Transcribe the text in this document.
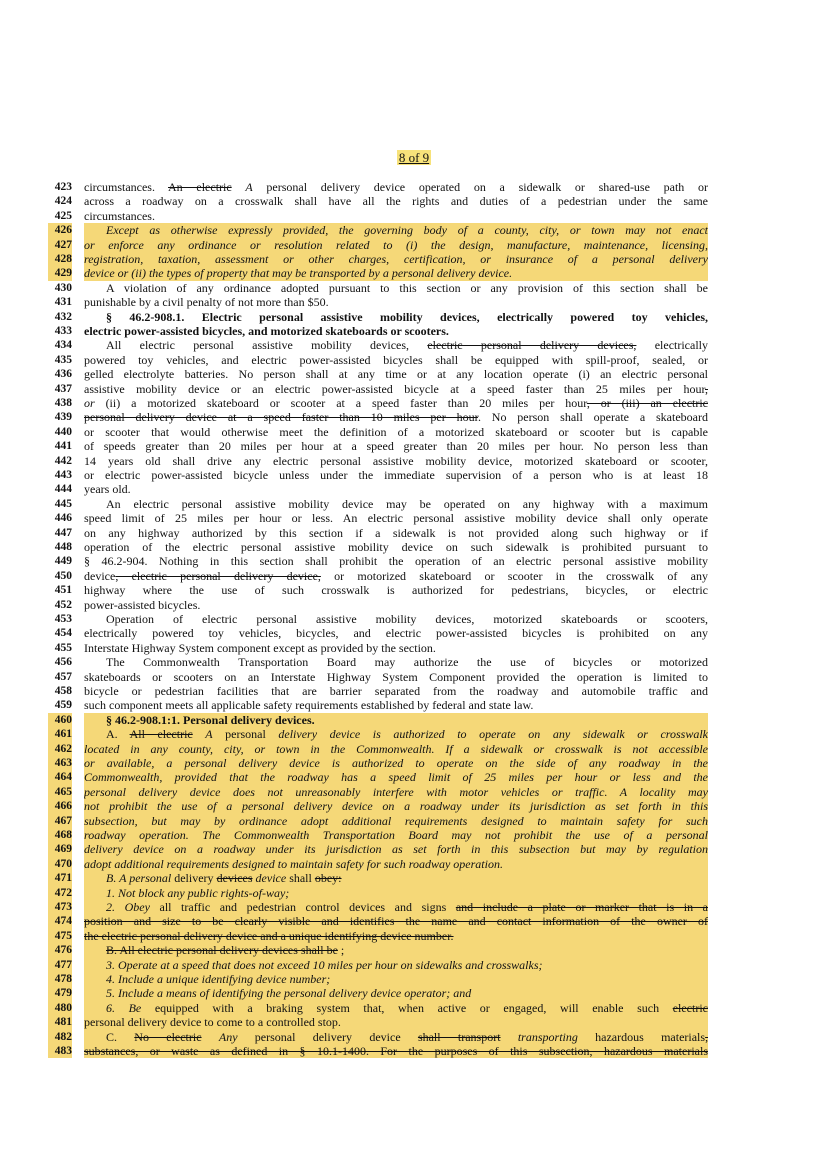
8 of 9
423 circumstances. An electric A personal delivery device operated on a sidewalk or shared-use path or
424 across a roadway on a crosswalk shall have all the rights and duties of a pedestrian under the same
425 circumstances.
426	Except as otherwise expressly provided, the governing body of a county, city, or town may not enact
427 or enforce any ordinance or resolution related to (i) the design, manufacture, maintenance, licensing,
428 registration, taxation, assessment or other charges, certification, or insurance of a personal delivery
429 device or (ii) the types of property that may be transported by a personal delivery device.
430	A violation of any ordinance adopted pursuant to this section or any provision of this section shall be
431 punishable by a civil penalty of not more than $50.
432	§ 46.2-908.1. Electric personal assistive mobility devices, electrically powered toy vehicles,
433 electric power-assisted bicycles, and motorized skateboards or scooters.
434	All electric personal assistive mobility devices, electric personal delivery devices, electrically
435 powered toy vehicles, and electric power-assisted bicycles shall be equipped with spill-proof, sealed, or
436 gelled electrolyte batteries. No person shall at any time or at any location operate (i) an electric personal
437 assistive mobility device or an electric power-assisted bicycle at a speed faster than 25 miles per hour,
438 or (ii) a motorized skateboard or scooter at a speed faster than 20 miles per hour, or (iii) an electric
439 personal delivery device at a speed faster than 10 miles per hour. No person shall operate a skateboard
440 or scooter that would otherwise meet the definition of a motorized skateboard or scooter but is capable
441 of speeds greater than 20 miles per hour at a speed greater than 20 miles per hour. No person less than
442 14 years old shall drive any electric personal assistive mobility device, motorized skateboard or scooter,
443 or electric power-assisted bicycle unless under the immediate supervision of a person who is at least 18
444 years old.
445	An electric personal assistive mobility device may be operated on any highway with a maximum
446 speed limit of 25 miles per hour or less. An electric personal assistive mobility device shall only operate
447 on any highway authorized by this section if a sidewalk is not provided along such highway or if
448 operation of the electric personal assistive mobility device on such sidewalk is prohibited pursuant to
449 § 46.2-904. Nothing in this section shall prohibit the operation of an electric personal assistive mobility
450 device, electric personal delivery device, or motorized skateboard or scooter in the crosswalk of any
451 highway where the use of such crosswalk is authorized for pedestrians, bicycles, or electric
452 power-assisted bicycles.
453	Operation of electric personal assistive mobility devices, motorized skateboards or scooters,
454 electrically powered toy vehicles, bicycles, and electric power-assisted bicycles is prohibited on any
455 Interstate Highway System component except as provided by the section.
456	The Commonwealth Transportation Board may authorize the use of bicycles or motorized
457 skateboards or scooters on an Interstate Highway System Component provided the operation is limited to
458 bicycle or pedestrian facilities that are barrier separated from the roadway and automobile traffic and
459 such component meets all applicable safety requirements established by federal and state law.
460	§ 46.2-908.1:1. Personal delivery devices.
461	A. All electric A personal delivery device is authorized to operate on any sidewalk or crosswalk
462 located in any county, city, or town in the Commonwealth. If a sidewalk or crosswalk is not accessible
463 or available, a personal delivery device is authorized to operate on the side of any roadway in the
464 Commonwealth, provided that the roadway has a speed limit of 25 miles per hour or less and the
465 personal delivery device does not unreasonably interfere with motor vehicles or traffic. A locality may
466 not prohibit the use of a personal delivery device on a roadway under its jurisdiction as set forth in this
467 subsection, but may by ordinance adopt additional requirements designed to maintain safety for such
468 roadway operation. The Commonwealth Transportation Board may not prohibit the use of a personal
469 delivery device on a roadway under its jurisdiction as set forth in this subsection but may by regulation
470 adopt additional requirements designed to maintain safety for such roadway operation.
471	B. A personal delivery devices device shall obey:
472	1. Not block any public rights-of-way;
473	2. Obey all traffic and pedestrian control devices and signs and include a plate or marker that is in a
474 position and size to be clearly visible and identifies the name and contact information of the owner of
475 the electric personal delivery device and a unique identifying device number.
476	B. All electric personal delivery devices shall be ;
477	3. Operate at a speed that does not exceed 10 miles per hour on sidewalks and crosswalks;
478	4. Include a unique identifying device number;
479	5. Include a means of identifying the personal delivery device operator; and
480	6. Be equipped with a braking system that, when active or engaged, will enable such electric
481 personal delivery device to come to a controlled stop.
482	C. No electric Any personal delivery device shall transport transporting hazardous materials,
483 substances, or waste as defined in § 10.1-1400. For the purposes of this subsection, hazardous materials
